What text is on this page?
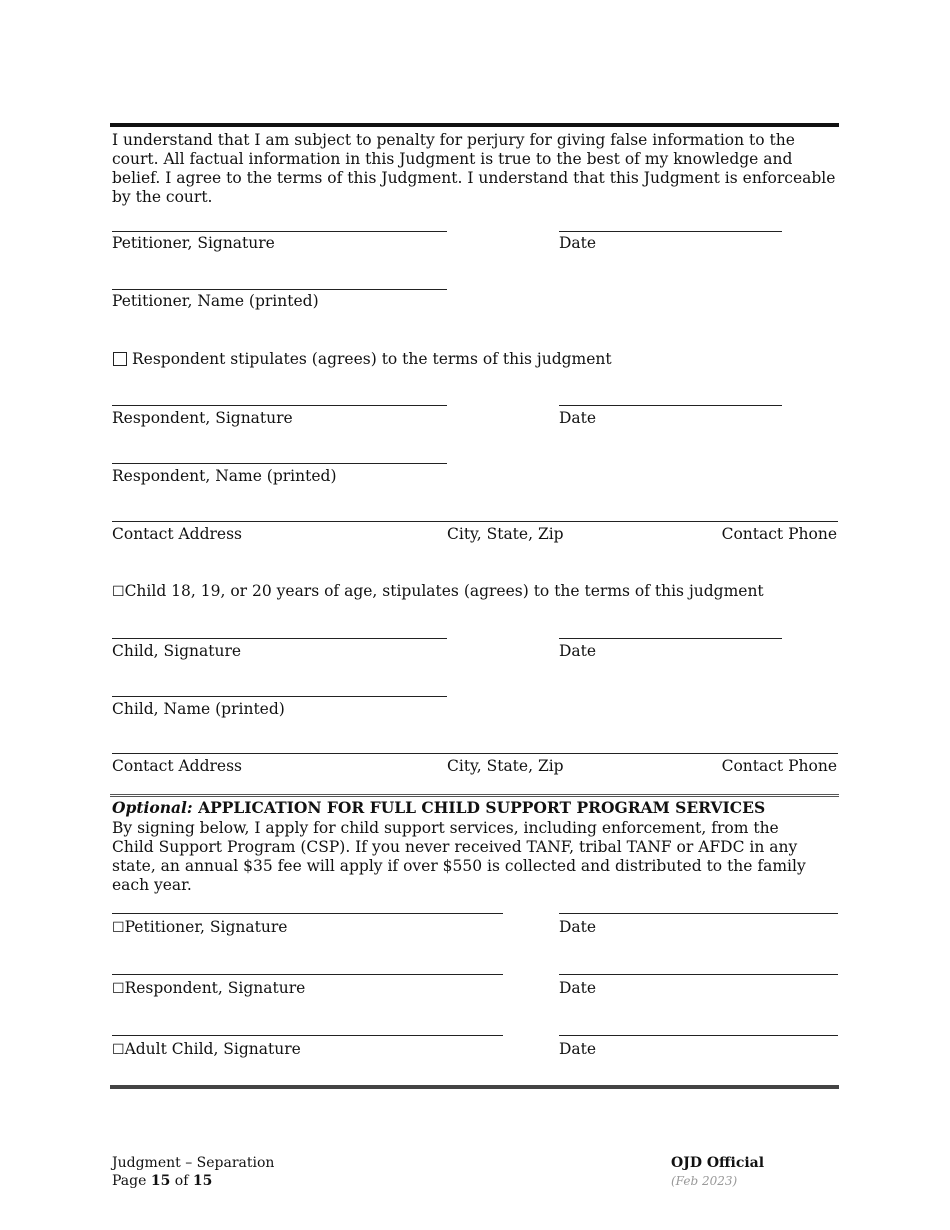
I understand that I am subject to penalty for perjury for giving false information to the court. All factual information in this Judgment is true to the best of my knowledge and belief. I agree to the terms of this Judgment. I understand that this Judgment is enforceable by the court.
Petitioner, Signature	Date
Petitioner, Name (printed)
Respondent stipulates (agrees) to the terms of this judgment
Respondent, Signature	Date
Respondent, Name (printed)
Contact Address	City, State, Zip	Contact Phone
☐Child 18, 19, or 20 years of age, stipulates (agrees) to the terms of this judgment
Child, Signature	Date
Child, Name (printed)
Contact Address	City, State, Zip	Contact Phone
Optional: APPLICATION FOR FULL CHILD SUPPORT PROGRAM SERVICES
By signing below, I apply for child support services, including enforcement, from the Child Support Program (CSP). If you never received TANF, tribal TANF or AFDC in any state, an annual $35 fee will apply if over $550 is collected and distributed to the family each year.
☐Petitioner, Signature	Date
☐Respondent, Signature	Date
☐Adult Child, Signature	Date
Judgment – Separation
Page 15 of 15
OJD Official
(Feb 2023)
